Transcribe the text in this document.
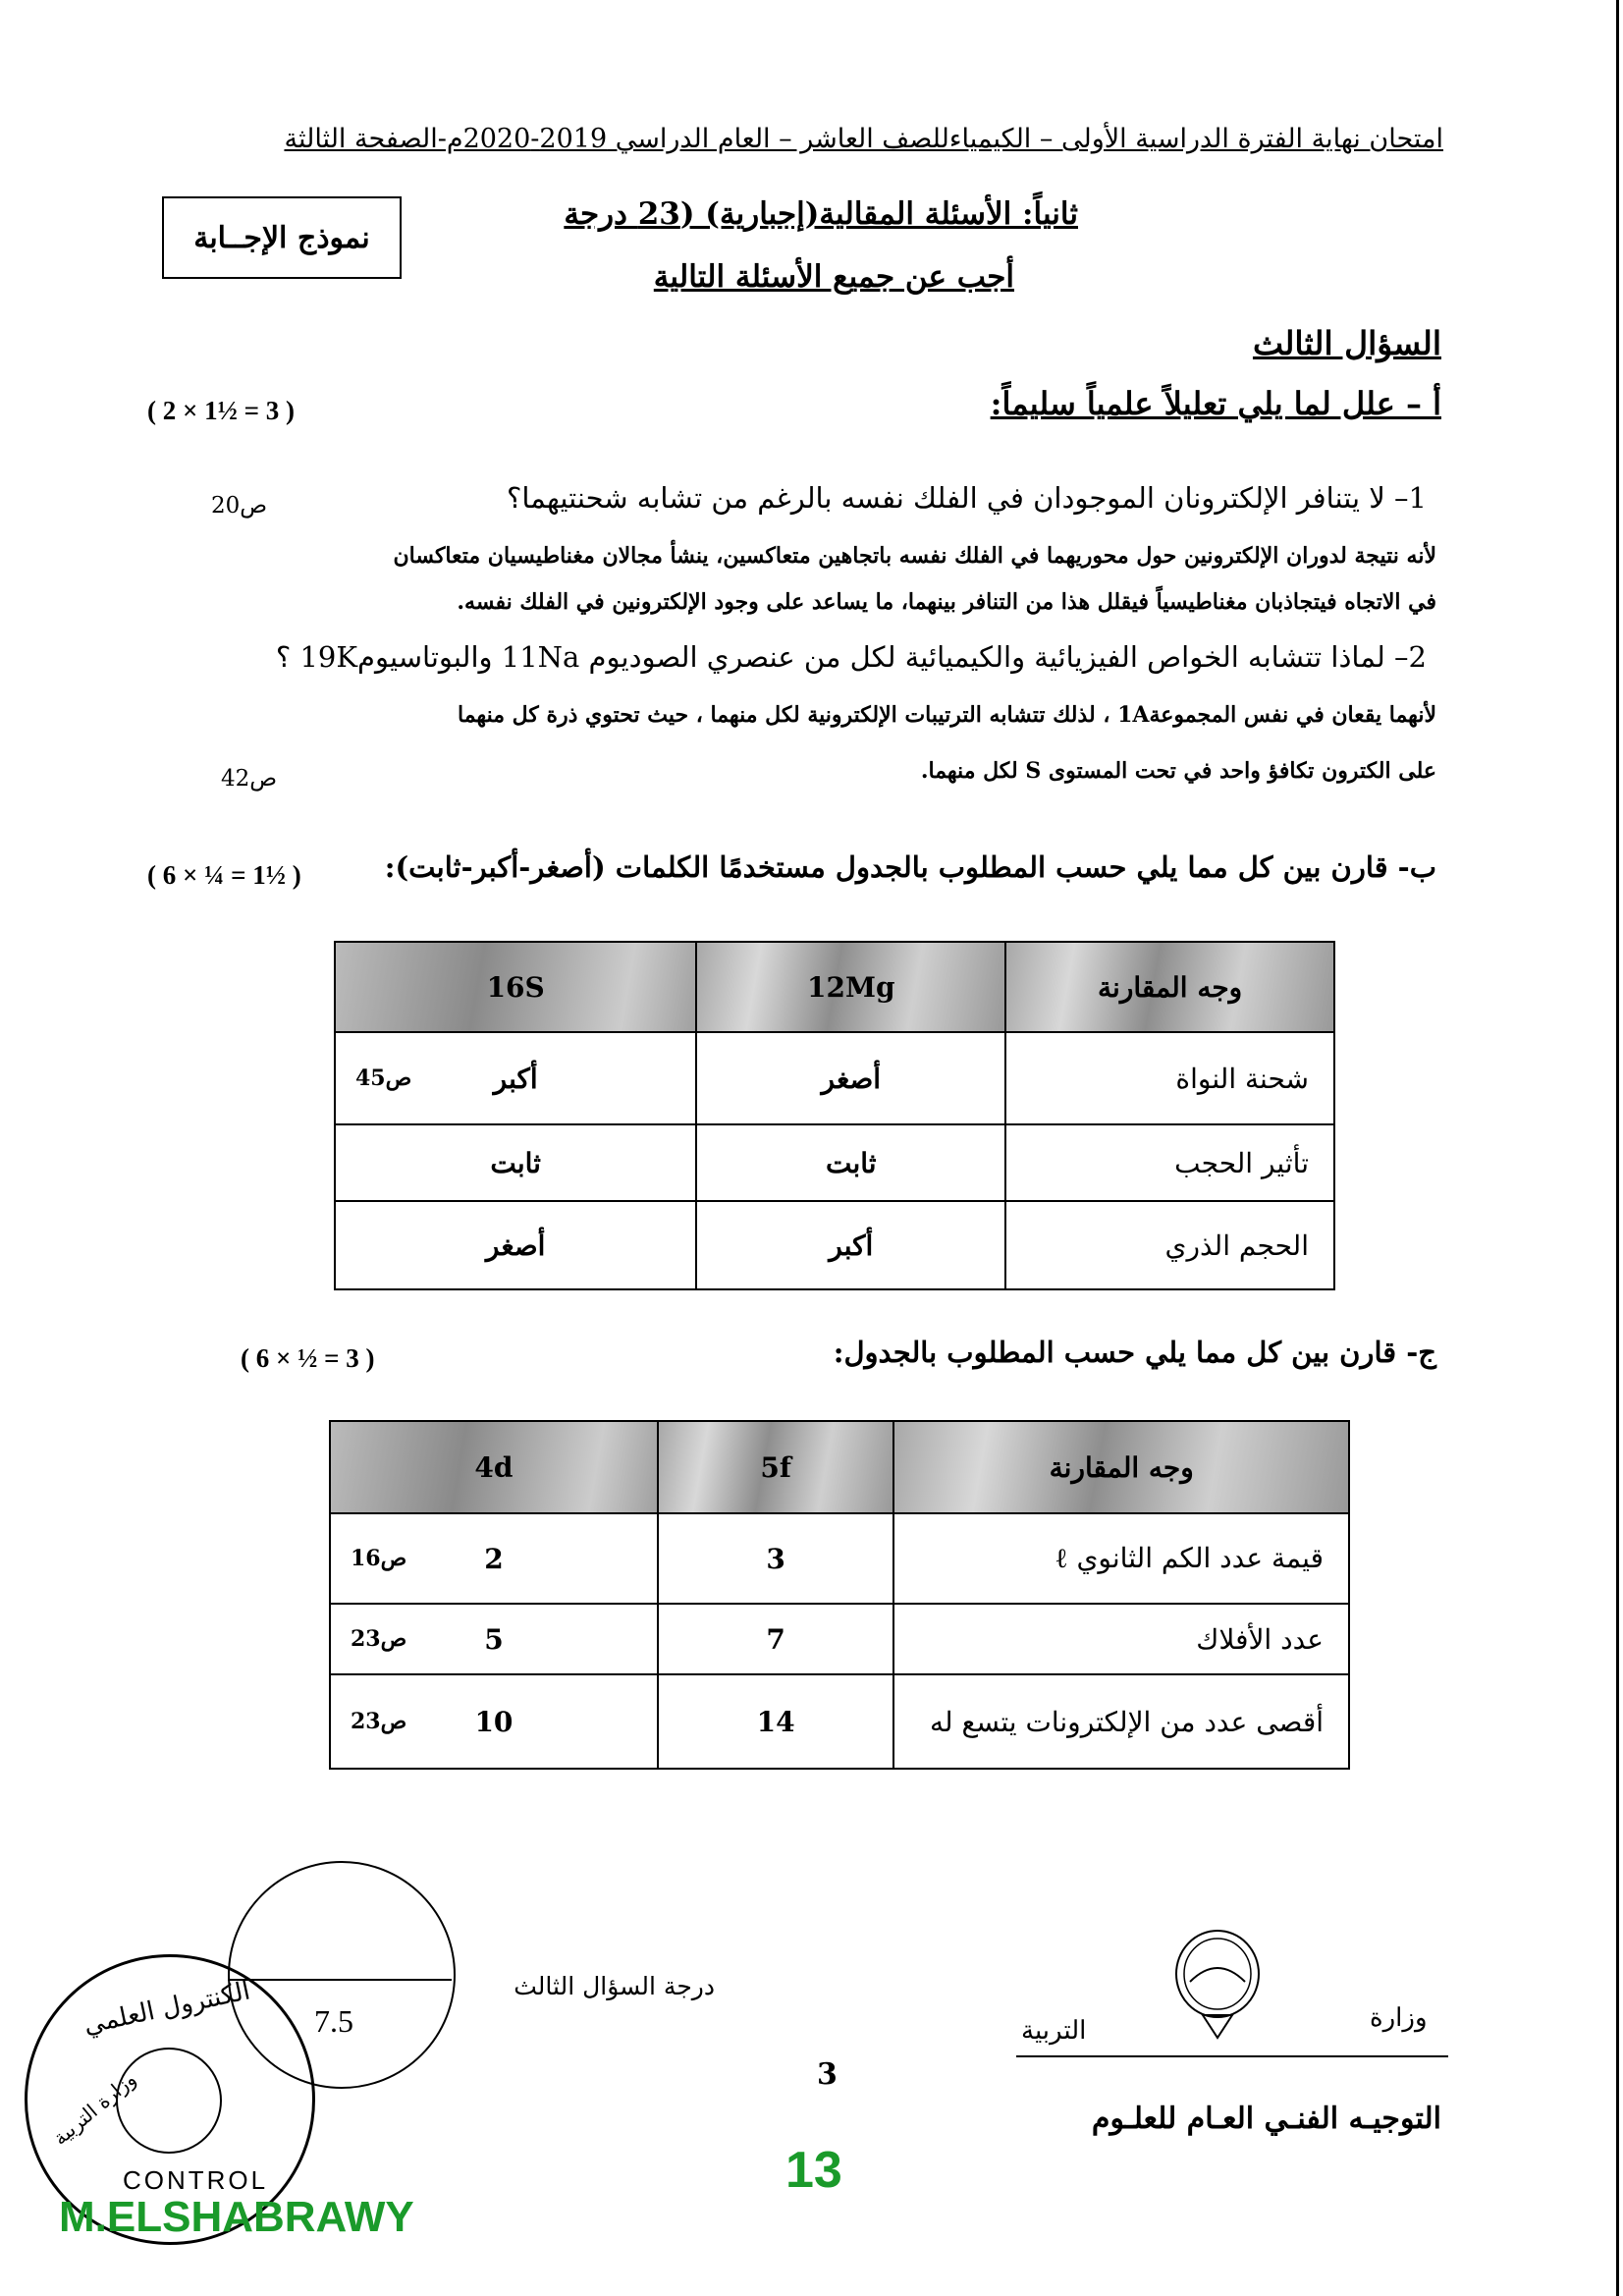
امتحان نهاية الفترة الدراسية الأولى – الكيمياءللصف العاشر – العام الدراسي 2019-2020م-الصفحة الثالثة
نموذج الإجــابة
ثانياً: الأسئلة المقالية(إجبارية) (23 درجة
أجب عن جميع الأسئلة التالية
السؤال الثالث
أ – علل لما يلي تعليلاً علمياً سليماً:
( 2 × 1½ = 3 )
1– لا يتنافر الإلكترونان الموجودان في الفلك نفسه بالرغم من تشابه شحنتيهما؟
ص20
لأنه نتيجة لدوران الإلكترونين حول محوريهما في الفلك نفسه باتجاهين متعاكسين، ينشأ مجالان مغناطيسيان متعاكسان
في الاتجاه فيتجاذبان مغناطيسياً فيقلل هذا من التنافر بينهما، ما يساعد على وجود الإلكترونين في الفلك نفسه.
2– لماذا تتشابه الخواص الفيزيائية والكيميائية لكل من عنصري الصوديوم 11Na والبوتاسيوم19K ؟
لأنهما يقعان في نفس المجموعة1A ، لذلك تتشابه الترتيبات الإلكترونية لكل منهما ، حيث تحتوي ذرة كل منهما
على الكترون تكافؤ واحد في تحت المستوى S لكل منهما.
ص42
ب- قارن بين كل مما يلي حسب المطلوب بالجدول مستخدمًا الكلمات (أصغر-أكبر-ثابت):
( 6 × ¼ = 1½ )
16S	12Mg	وجه المقارنة

ص45 أكبر	أصغر	شحنة النواة
ثابت	ثابت	تأثير الحجب
أصغر	أكبر	الحجم الذري
ج- قارن بين كل مما يلي حسب المطلوب بالجدول:
( 6 × ½ = 3 )
4d	5f	وجه المقارنة

ص16 2	3	قيمة عدد الكم الثانوي ℓ

ص23 5	7	عدد الأفلاك

ص23 10	14	أقصى عدد من الإلكترونات يتسع له
7.5
درجة السؤال الثالث
الكنترول العلمي
وزارة التربية
CONTROL
3
وزارة
التربية
التوجيـه الفنـي العـام للعلـوم
13
M.ELSHABRAWY
